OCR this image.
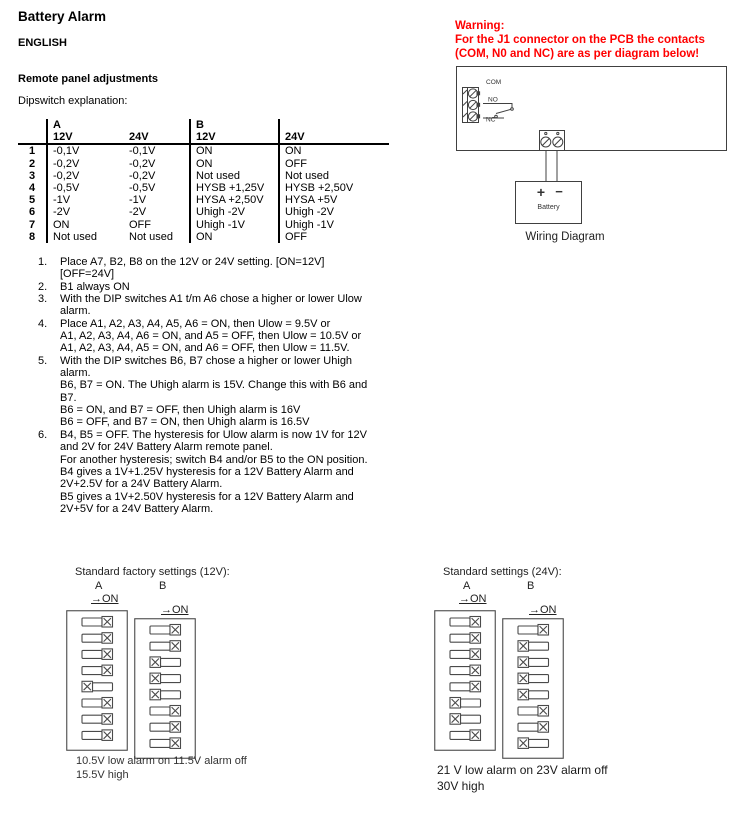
Battery Alarm
ENGLISH
Remote panel adjustments
Dipswitch explanation:
	A		B	
	12V	24V	12V	24V
1	-0,1V	-0,1V	ON	ON
2	-0,2V	-0,2V	ON	OFF
3	-0,2V	-0,2V	Not used	Not used
4	-0,5V	-0,5V	HYSB +1,25V	HYSB +2,50V
5	-1V	-1V	HYSA +2,50V	HYSA +5V
6	-2V	-2V	Uhigh -2V	Uhigh -2V
7	ON	OFF	Uhigh -1V	Uhigh -1V
8	Not used	Not used	ON	OFF
1.	Place A7, B2, B8 on the 12V or 24V setting. [ON=12V]
[OFF=24V]
2.	B1 always ON
3.	With the DIP switches A1 t/m A6 chose a higher or lower Ulow
alarm.
4.	Place A1, A2, A3, A4, A5, A6 = ON, then Ulow = 9.5V or
A1, A2, A3, A4, A6 = ON, and A5 = OFF, then Ulow = 10.5V or
A1, A2, A3, A4, A5 = ON, and A6 = OFF, then Ulow = 11.5V.
5.	With the DIP switches B6, B7 chose a higher or lower Uhigh
alarm.
B6, B7 = ON. The Uhigh alarm is 15V. Change this with B6 and
B7.
B6 = ON, and B7 = OFF, then Uhigh alarm is 16V
B6 = OFF, and B7 = ON, then Uhigh alarm is 16.5V
6.	B4, B5 = OFF. The hysteresis for Ulow alarm is now 1V for 12V
and 2V for 24V Battery Alarm remote panel.
For another hysteresis; switch B4 and/or B5 to the ON position.
B4 gives a 1V+1.25V hysteresis for a 12V Battery Alarm and
2V+2.5V for a 24V Battery Alarm.
B5 gives a 1V+2.50V hysteresis for a 12V Battery Alarm and
2V+5V for a 24V Battery Alarm.
Warning:
For the J1 connector on the PCB the contacts
(COM, N0 and NC) are as per diagram below!
COM
NO
NC
+ −
Battery
Wiring Diagram
Standard factory settings (12V):
A	B
→ON
→ON
10.5V low alarm on 11.5V alarm off
15.5V high
Standard settings (24V):
A	B
→ON
→ON
21 V low alarm on 23V alarm off
30V high
